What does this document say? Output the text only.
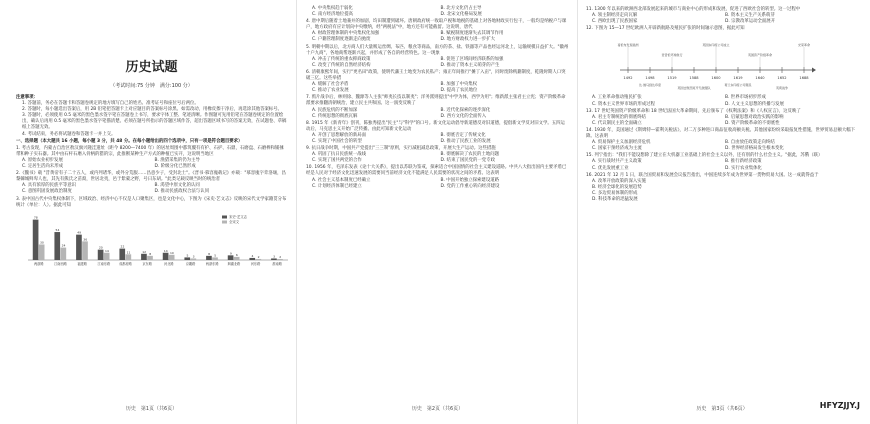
历史试题
（考试时间:75 分钟　满分:100 分）
注意事项：
1. 答题前，务必在答题卡和答题卷规定的地方填写自己的姓名、准考证号和座位号后两位。
2. 答题时，每小题选出答案后，用 2B 铅笔把答题卡上对应题目的答案标号涂黑。如需改动，用橡皮擦干净后，再选涂其他答案标号。
3. 答题时，必须使用 0.5 毫米的黑色墨水签字笔在答题卷上书写，要求字体工整、笔迹清晰。作图题可先用铅笔在答题卷规定的位置绘出，确认后再用 0.5 毫米的黑色墨水签字笔描清楚。必须在题号所指示的答题区域作答，超出答题区域书写的答案无效，在试题卷、草稿纸上答题无效。
4. 考试结束，务必将试题卷和答题卡一并上交。
一、选择题（本大题共 16 小题，每小题 3 分，共 48 分。在每小题给出的四个选项中，只有一项是符合题目要求）
1. 考古发现，内蒙古自治区敖汉旗兴隆洼遗址（距今 8200—7400 年）的居址周围中都筑覆有有护、石护、石鼎，石磨盘、石磨棒和铺捶带和种子实石器。其中由石杆石磨入骨柄的猎的宗，此推断某种生产方式的种植已实开，这说明当地区
A. 原始农业初步发展	B. 渔猎采集的仍为主导
C. 定居生活尚未形成	D. 阶级分化已然形成
2.《魏书》载 "昔黄帝有子二十五人，或内列诸华，或外分荒服……昌意少子，受封北土"。《晋书·慕容廆载记》亦载："慕容廆字弈洛瓌，昌黎棘城鲜卑人也，其先有熊氏之苗裔，世居北夷，邑于紫蒙之野，号曰东胡。"此类记载反映当时的统治者
A. 具有浓厚的民族平等意识	B. 渴望中原文化的认同
C. 意图巩固发展政治制度	D. 推动民族政权合法与认同
3. 表中国古代中央集权体制下，区域政治、经济中心不仅是人口聚集区，也是文化中心，下图为《宋史·艺文志》反映的宋代文学家籍贯分布统计（单位：人）。据此可知
78
30
两浙路
54
24
江南西路
49
36
福建路
20
14
江南东路
22
11
成都府路
12
8
京东路
14
10
河北路
5 3
京畿路
8 5
两浙东路
9 6
荆湖北路
4 2
河东路
3 2
淮南路
宋史·艺文志
全宋文
历史　第1页（共6页）
A. 中央集权趋于弱化	B. 北方文化仍占主导
C. 南方经济地位提高	D. 北宋文化格局发展
4. 唐中期后随着土地兼并的加剧，均田制遭到破坏。唐朝政府统一收取户税和地税的基础上对各地财政实行包干，一般均是纳税户与课户，地方政府有应计划向中央缴纳，经"两税法"中，地方还有可能截留。这说明，唐代
A. 财政管理体制的中央集权化加强	B. 赋税制度逐渐失去其调节作用
C. 户籍管理制度逐渐走向弛废	D. 地方财政权力进一步扩大
5. 明朝中期以后，北方商人们大量贩运丝绸、布匹、粮食等商品，南方的茶、盐、铁器等产品也经运河北上，运输规模日益扩大。"徽州十户九商"，各地商帮逐渐兴起，并形成了各自的经营特色。这一现象
A. 冲击了传统的重农抑商政策	B. 促进了区域间经济联系的加强
C. 改变了传统的自然经济结构	D. 推动了资本主义萌芽的产生
6. 清朝康熙年间，实行"更名田"政策，使明代藩王土地变为农民私产；雍正年间推行"摊丁入亩"，同时废除贱籍制度，乾隆时期人口突破三亿。这些举措
A. 缓解了社会矛盾	B. 加强了中央集权
C. 推动了农业发展	D. 提高了农民地位
7. 鸦片战争后，林则徐、魏源等人主张"师夷长技以制夷"；洋务派则提出"中学为体，西学为用"；维新派主张君主立宪；资产阶级革命派要求推翻清朝统治，建立民主共和国。这一演变反映了
A. 民族危机的不断加深	B. 近代化探索的逐步深化
C. 传统思想的彻底瓦解	D. 西方文化的全面传入
8. 1915 年《新青年》创刊，陈独秀提出"民主"与"科学"的口号。新文化运动倡导新道德反对旧道德，提倡新文学反对旧文学。五四运动后，马克思主义开始广泛传播。由此可知新文化运动
A. 开创了思想解放的新局面	B. 彻底否定了传统文化
C. 实现了中国社会的转型	D. 推动了民族工业的发展
9. 抗日战争时期，中国共产党提出"三三制"原则，实行减租减息政策，开展大生产运动。这些措施
A. 巩固了抗日民族统一战线	B. 彻底解决了农民的土地问题
C. 实现了国共两党的合作	D. 结束了国民党的一党专政
10. 1956 年，毛泽东发表《论十大关系》，提出以苏联为鉴戒，探索适合中国国情的社会主义建设道路。中共八大指出国内主要矛盾已经是人民对于经济文化迅速发展的需要同当前经济文化不能满足人民需要的状况之间的矛盾。这表明
A. 社会主义基本制度已经确立	B. 中国开始独立探索建设道路
C. 计划经济体制已经建立	D. 党的工作重心转向经济建设
历史　第2页（共6页）
11. 1300 年以来的欧洲西北部发展起来的城市与商业中心的形成和发展，促进了西欧社会的转型。这一过程中
A. 领主制经济走向瓦解	B. 资本主义生产关系萌芽
C. 西欧出现了民族国家	D. 宗教改革运动全面展开
12. 下图为 15—17 世纪欧洲人开辟新航路及殖民扩张的时间轴示意图，据此可知
1492
哥伦布发现美洲
1498
达·伽马到达印度
1519
麦哲伦环球航行
1588
英国击败西班牙无敌舰队
1600
英国东印度公司成立
1619
荷兰东印度公司殖民
1640
英国资产阶级革命
1652
英荷战争
1688
光荣革命
A. 工业革命推动殖民扩张	B. 世界市场初步形成
C. 资本主义世界市场的形成过程	D. 人文主义思想的传播与发展
13. 17 世纪英国资产阶级革命和 18 世纪法国大革命期间，先后颁布了《权利法案》和《人权宣言》，这反映了
A. 君主专制统治的彻底终结	B. 启蒙思想对政治实践的影响
C. 代议制民主的全面确立	D. 资产阶级革命的不彻底性
14. 1930 年，美国通过《斯姆特—霍利关税法》，对二万多种进口商品征收高额关税。其他国家纷纷采取报复性措施，世界贸易总额大幅下降。这表明
A. 贸易保护主义加剧经济危机	B. 自由放任政策走向终结
C. 国家干预经济成为主流	D. 世界经济格局发生根本变化
15. 列宁指出："我们不能设想除了建立在大机器工业基础上的社会主义以外，还有别的什么社会主义。"据此，苏俄（联）
A. 实行战时共产主义政策	B. 推行新经济政策
C. 优先发展重工业	D. 实行农业集体化
16. 2021 年 12 月 1 日，联合国贸易和发展会议报告指出，中国连续多年成为世界第一货物贸易大国。这一成就得益于
A. 改革开放政策的深入实施
B. 经济全球化的发展趋势
C. 多边贸易体制的形成
D. 科技革命的迅猛发展
历史　第3页（共6页）	HFYZJJY.J
